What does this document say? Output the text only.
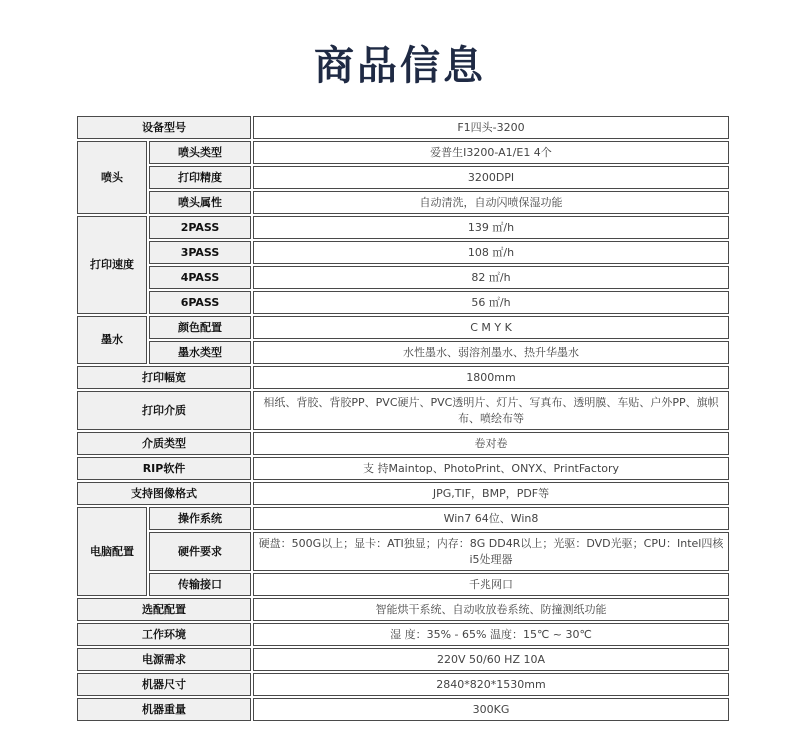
商品信息
设备型号		F1四头-3200
喷头	喷头类型	爱普生I3200-A1/E1 4个
	打印精度	3200DPI
	喷头属性	自动清洗，自动闪喷保湿功能
打印速度	2PASS	139 ㎡/h
	3PASS	108 ㎡/h
	4PASS	82 ㎡/h
	6PASS	56 ㎡/h
墨水	颜色配置	C M Y K
	墨水类型	水性墨水、弱溶剂墨水、热升华墨水
打印幅宽		1800mm
打印介质		相纸、背胶、背胶PP、PVC硬片、PVC透明片、灯片、写真布、透明膜、车贴、户外PP、旗帜布、喷绘布等
介质类型		卷对卷
RIP软件		支 持Maintop、PhotoPrint、ONYX、PrintFactory
支持图像格式		JPG,TIF，BMP，PDF等
电脑配置	操作系统	Win7 64位、Win8
	硬件要求	硬盘：500G以上；显卡：ATI独显；内存：8G DD4R以上；光驱：DVD光驱；CPU：Intel四核i5处理器
	传输接口	千兆网口
选配配置		智能烘干系统、自动收放卷系统、防撞测纸功能
工作环境		湿 度：35% - 65% 温度：15℃ ~ 30℃
电源需求		220V 50/60 HZ 10A
机器尺寸		2840*820*1530mm
机器重量		300KG
